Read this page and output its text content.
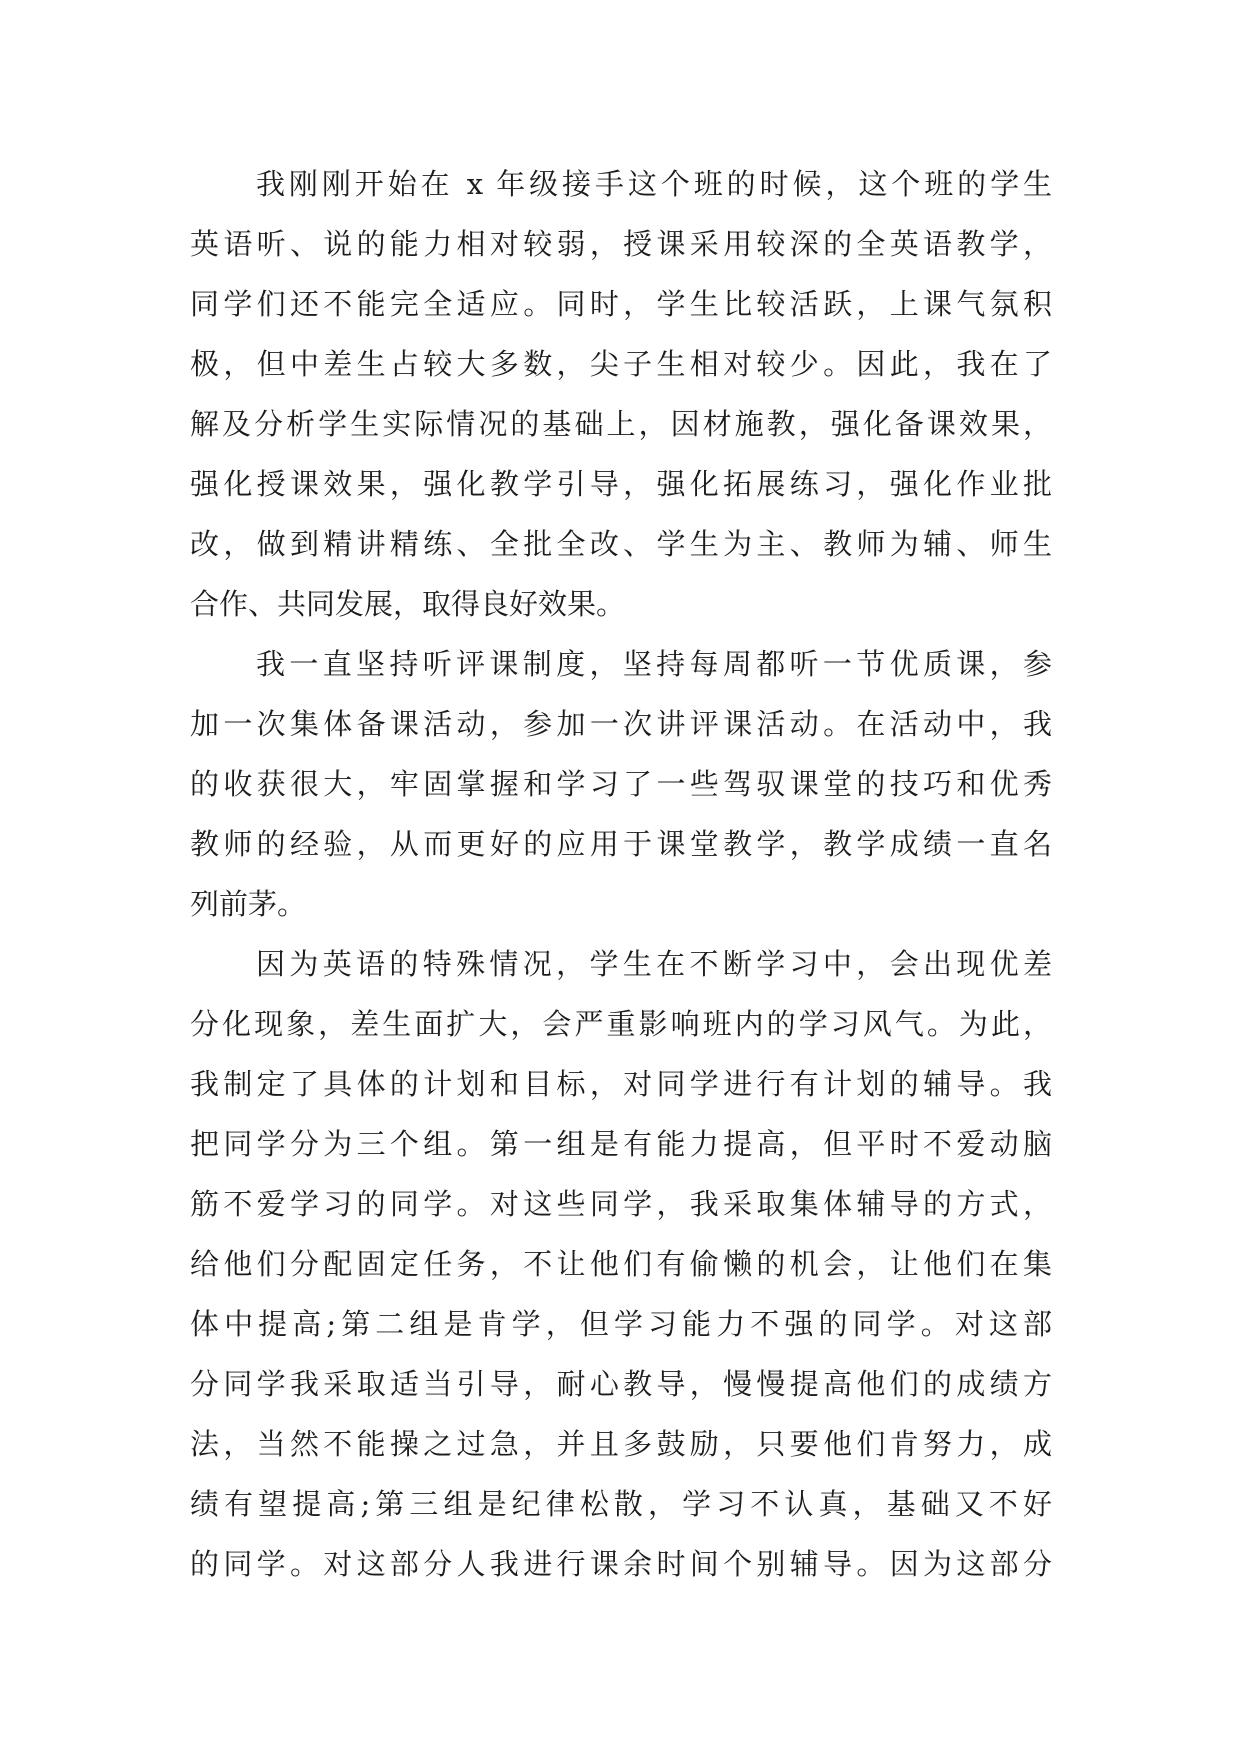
我刚刚开始在 x 年级接手这个班的时候，这个班的学生
英语听、说的能力相对较弱，授课采用较深的全英语教学，
同学们还不能完全适应。同时，学生比较活跃，上课气氛积
极，但中差生占较大多数，尖子生相对较少。因此，我在了
解及分析学生实际情况的基础上，因材施教，强化备课效果，
强化授课效果，强化教学引导，强化拓展练习，强化作业批
改，做到精讲精练、全批全改、学生为主、教师为辅、师生
合作、共同发展，取得良好效果。
我一直坚持听评课制度，坚持每周都听一节优质课，参
加一次集体备课活动，参加一次讲评课活动。在活动中，我
的收获很大，牢固掌握和学习了一些驾驭课堂的技巧和优秀
教师的经验，从而更好的应用于课堂教学，教学成绩一直名
列前茅。
因为英语的特殊情况，学生在不断学习中，会出现优差
分化现象，差生面扩大，会严重影响班内的学习风气。为此，
我制定了具体的计划和目标，对同学进行有计划的辅导。我
把同学分为三个组。第一组是有能力提高，但平时不爱动脑
筋不爱学习的同学。对这些同学，我采取集体辅导的方式，
给他们分配固定任务，不让他们有偷懒的机会，让他们在集
体中提高;第二组是肯学，但学习能力不强的同学。对这部
分同学我采取适当引导，耐心教导，慢慢提高他们的成绩方
法，当然不能操之过急，并且多鼓励，只要他们肯努力，成
绩有望提高;第三组是纪律松散，学习不认真，基础又不好
的同学。对这部分人我进行课余时间个别辅导。因为这部分
